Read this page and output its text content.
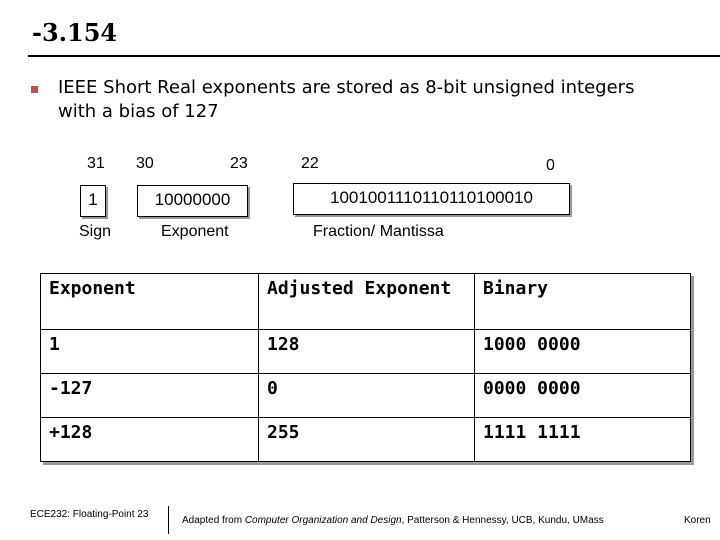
-3.154
IEEE Short Real exponents are stored as 8-bit unsigned integers with a bias of 127
31 30	23	22	0
1	10000000	1001001110110110100010
Sign	Exponent	Fraction/ Mantissa
Exponent	Adjusted Exponent	Binary
1	128	1000 0000
-127	0	0000 0000
+128	255	1111 1111
ECE232: Floating-Point 23
Adapted from Computer Organization and Design, Patterson & Hennessy, UCB, Kundu, UMass	Koren
